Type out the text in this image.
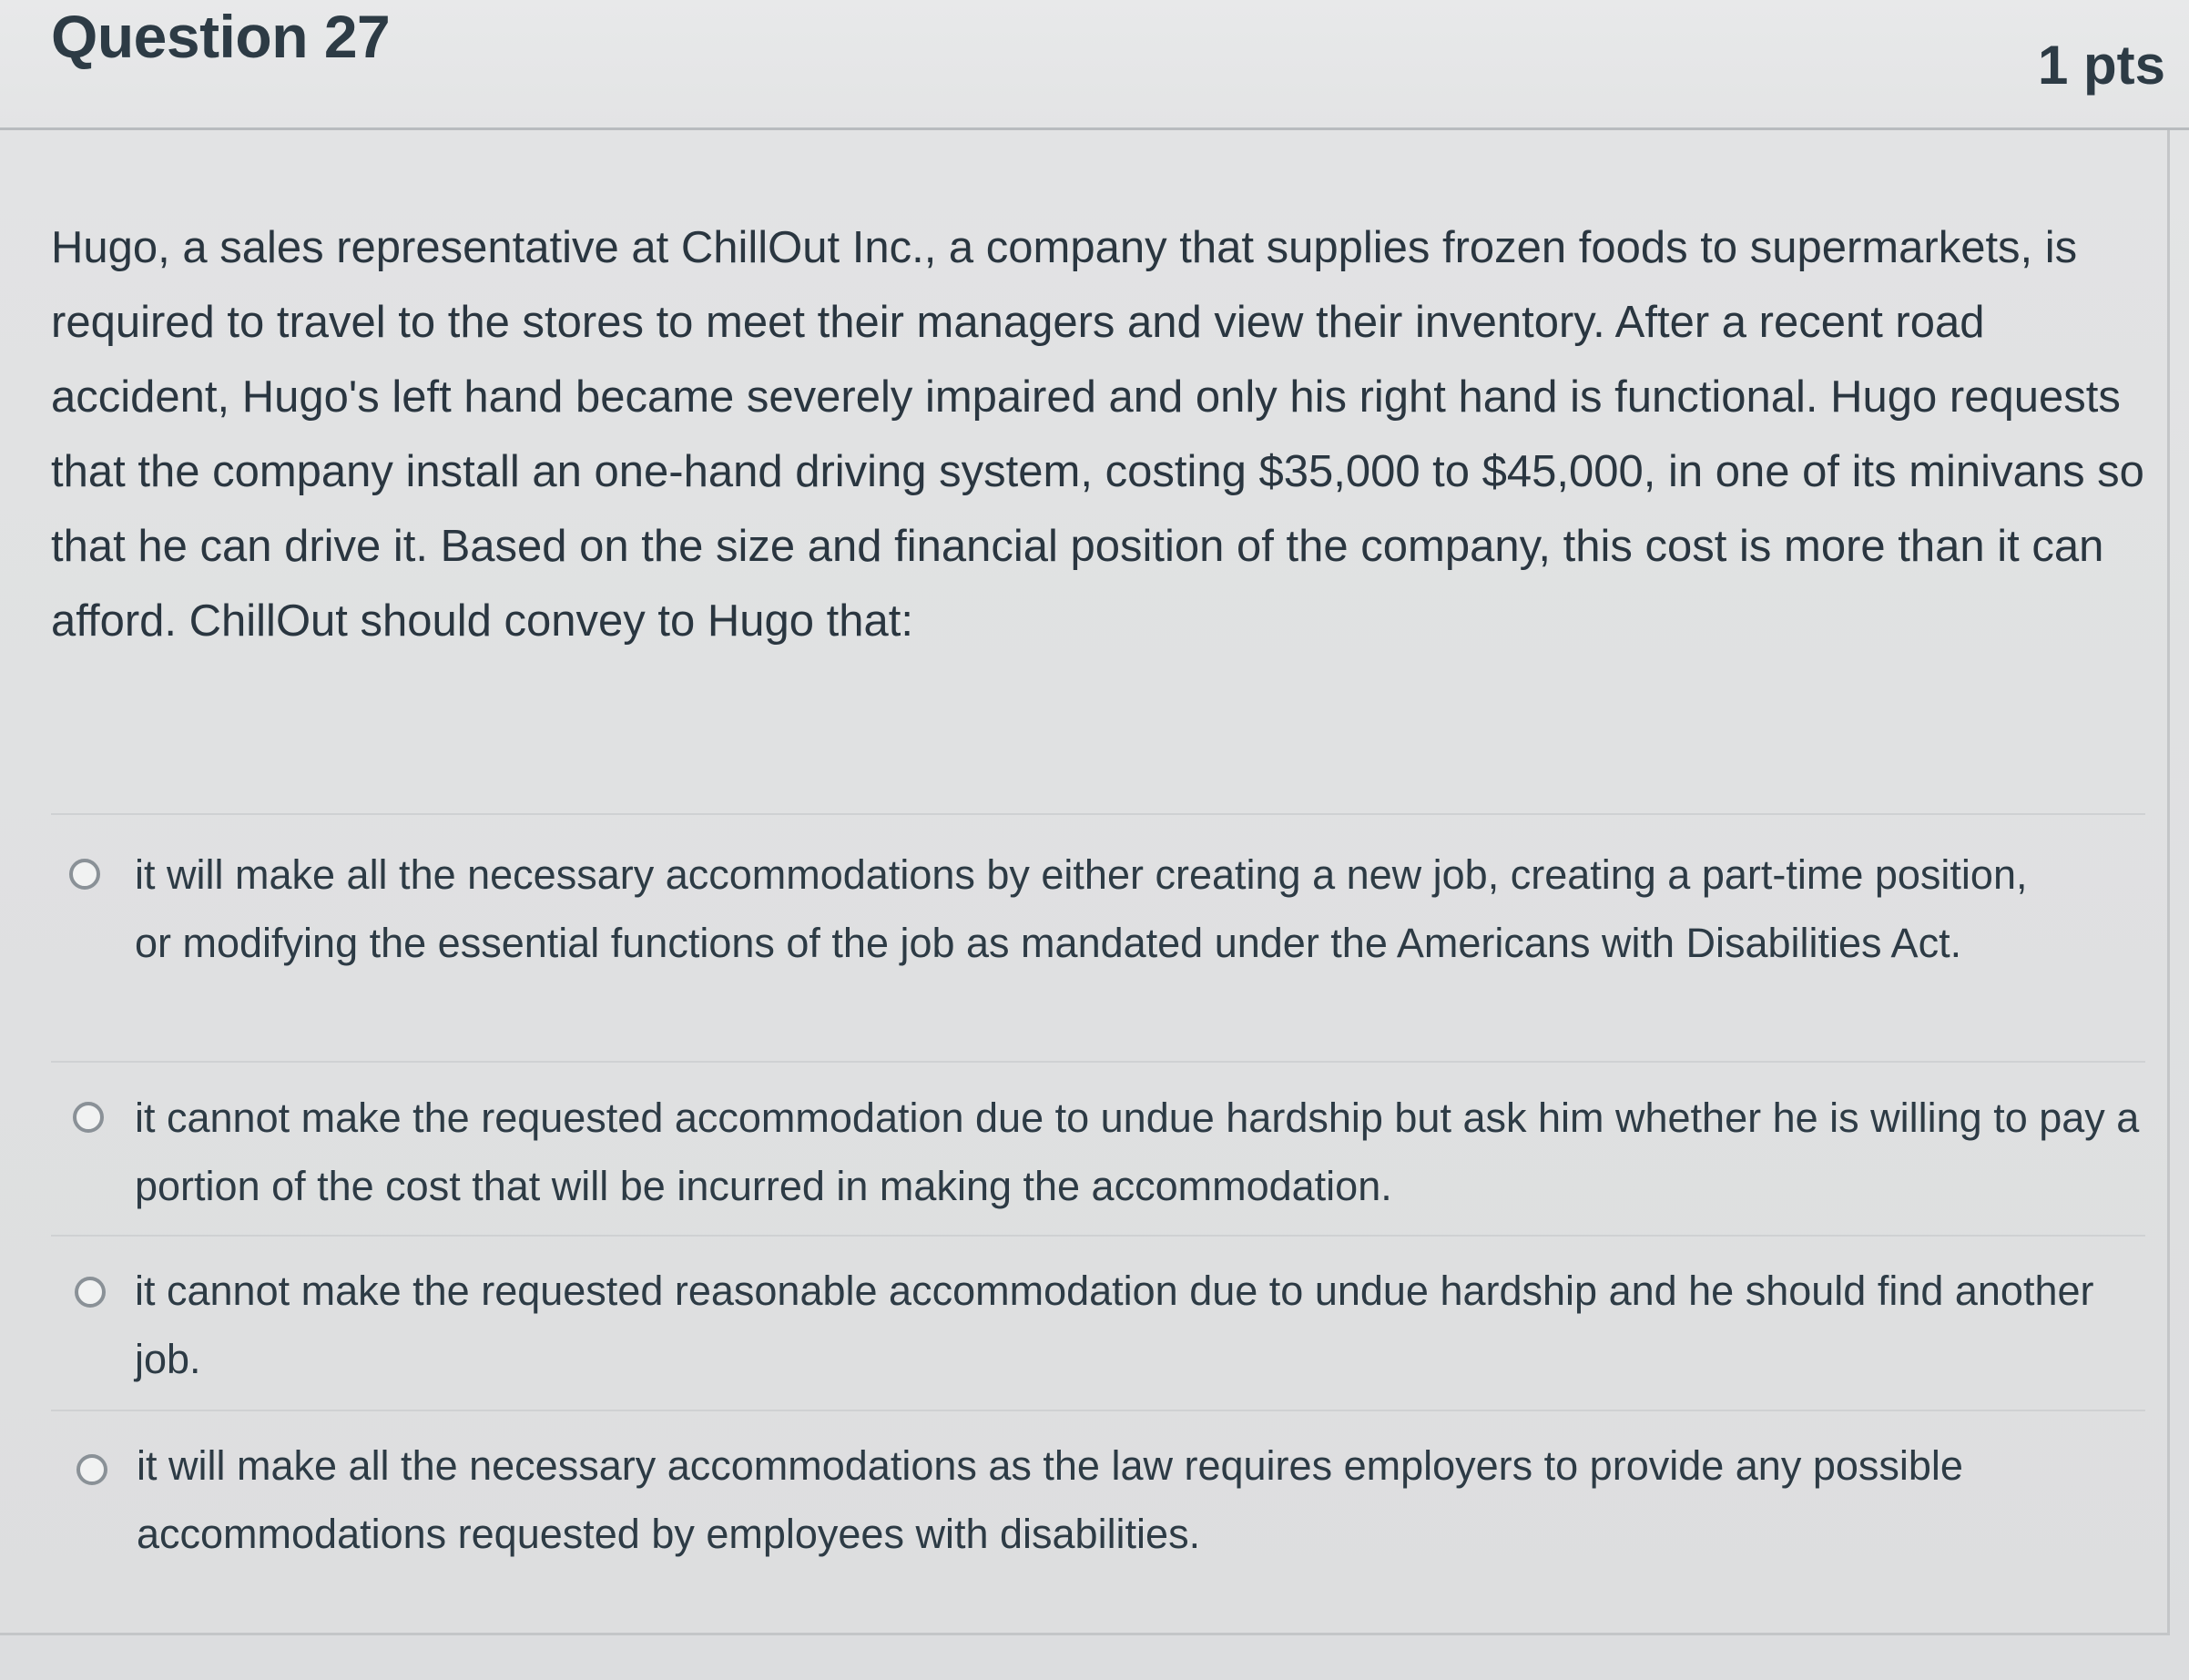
Question 27	1 pts
Hugo, a sales representative at ChillOut Inc., a company that supplies frozen foods to supermarkets, is required to travel to the stores to meet their managers and view their inventory. After a recent road accident, Hugo's left hand became severely impaired and only his right hand is functional. Hugo requests that the company install an one-hand driving system, costing $35,000 to $45,000, in one of its minivans so that he can drive it. Based on the size and financial position of the company, this cost is more than it can afford. ChillOut should convey to Hugo that:
it will make all the necessary accommodations by either creating a new job, creating a part-time position, or modifying the essential functions of the job as mandated under the Americans with Disabilities Act.
it cannot make the requested accommodation due to undue hardship but ask him whether he is willing to pay a portion of the cost that will be incurred in making the accommodation.
it cannot make the requested reasonable accommodation due to undue hardship and he should find another job.
it will make all the necessary accommodations as the law requires employers to provide any possible accommodations requested by employees with disabilities.
